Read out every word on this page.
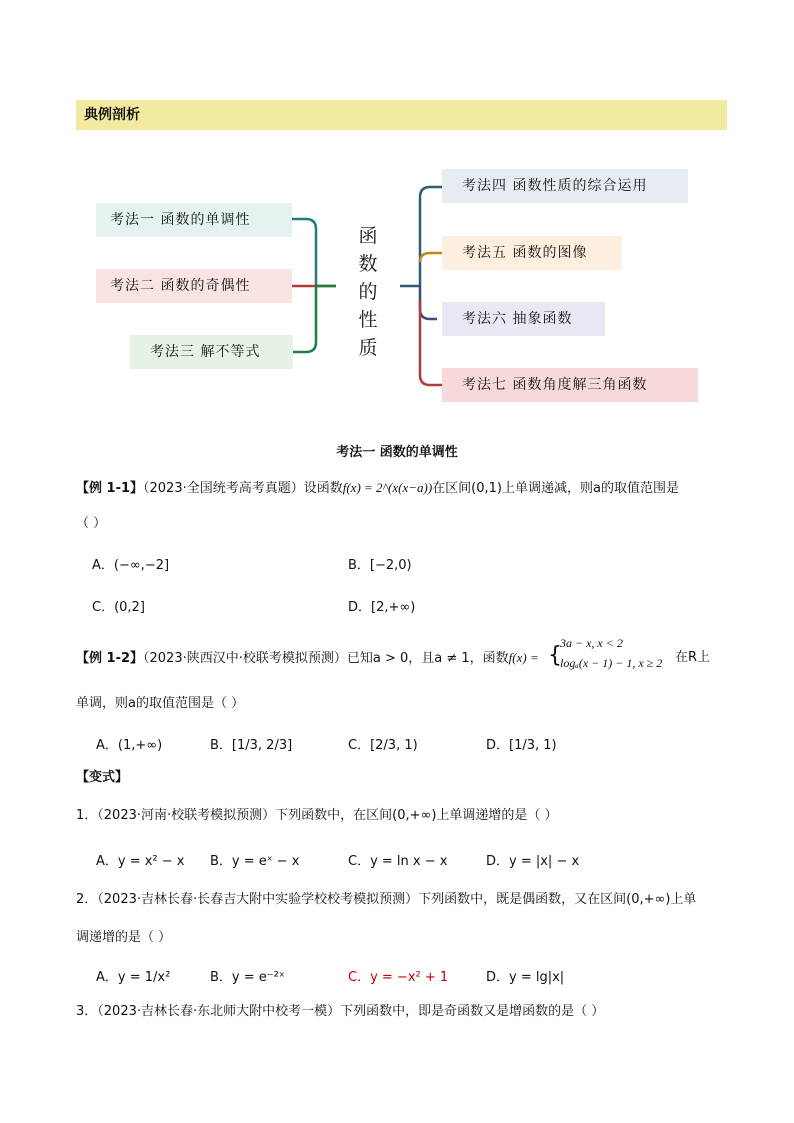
典例剖析
考法一 函数的单调性
考法二 函数的奇偶性
考法三 解不等式
函数的性质
考法四 函数性质的综合运用
考法五 函数的图像
考法六 抽象函数
考法七 函数角度解三角函数
考法一 函数的单调性
【例 1-1】（2023·全国统考高考真题）设函数f(x) = 2^(x(x−a))在区间(0,1)上单调递减，则a的取值范围是
（ ）
A．(−∞,−2]	B．[−2,0)
C．(0,2]	D．[2,+∞)
【例 1-2】（2023·陕西汉中·校联考模拟预测）已知a > 0，且a ≠ 1，函数f(x) = {
3a − x, x < 2
logₐ(x − 1) − 1, x ≥ 2 在R上
单调，则a的取值范围是（ ）
A．(1,+∞)	B．[1/3, 2/3]	C．[2/3, 1)	D．[1/3, 1)
【变式】
1．（2023·河南·校联考模拟预测）下列函数中，在区间(0,+∞)上单调递增的是（ ）
A．y = x² − x B．y = eˣ − x	C．y = ln x − x	D．y = |x| − x
2．（2023·吉林长春·长春吉大附中实验学校校考模拟预测）下列函数中，既是偶函数，又在区间(0,+∞)上单
调递增的是（ ）
A．y = 1/x²	B．y = e⁻²ˣ	C．y = −x² + 1	D．y = lg|x|
3．（2023·吉林长春·东北师大附中校考一模）下列函数中，即是奇函数又是增函数的是（ ）
